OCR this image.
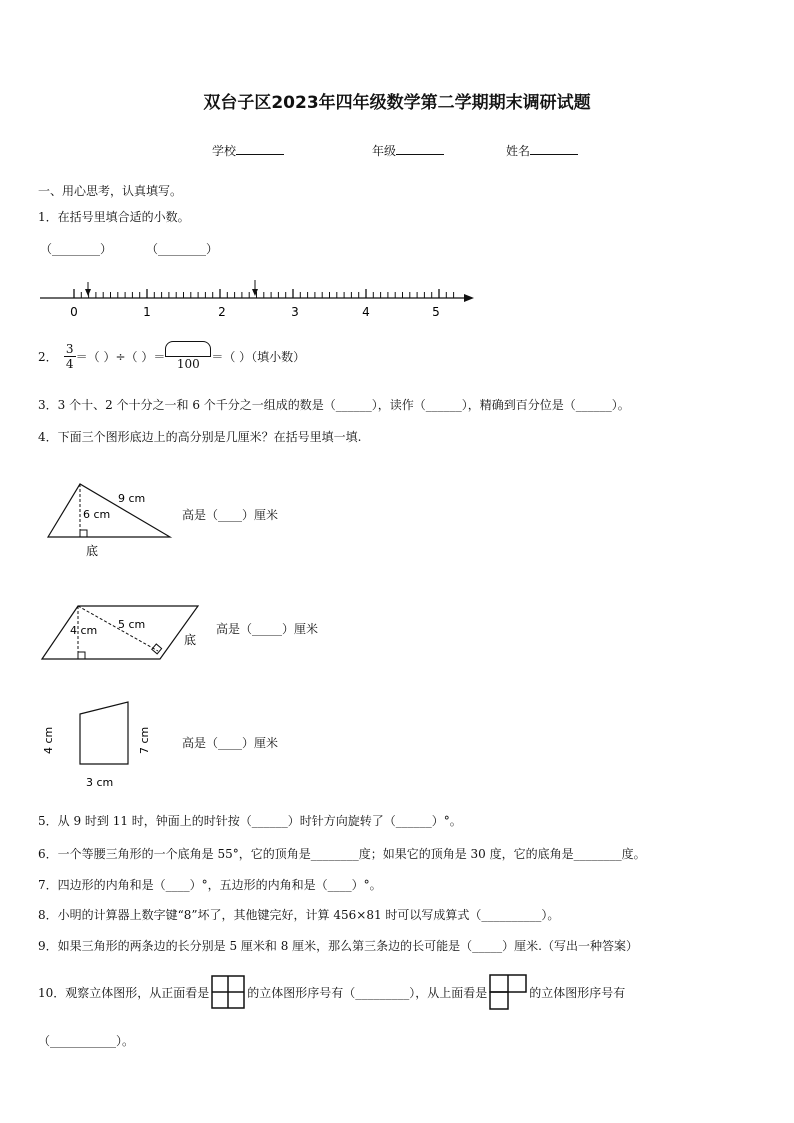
双台子区2023年四年级数学第二学期期末调研试题
学校	年级	姓名
一、用心思考，认真填写。
1．在括号里填合适的小数。
（________）	（________）
0	1	2	3	4	5
2． $\frac{3}{4}$ ＝（ ）÷（ ）＝
100
＝（ ）（填小数）
3．3 个十、2 个十分之一和 6 个千分之一组成的数是（______），读作（______），精确到百分位是（______）。
4．下面三个图形底边上的高分别是几厘米？在括号里填一填.
9 cm
6 cm
底
高是（____）厘米
5 cm
4 cm
底
高是（_____）厘米
4 cm	7 cm
3 cm
高是（____）厘米
5．从 9 时到 11 时，钟面上的时针按（______）时针方向旋转了（______）°。
6．一个等腰三角形的一个底角是 55°，它的顶角是________度；如果它的顶角是 30 度，它的底角是________度。
7．四边形的内角和是（____）°，五边形的内角和是（____）°。
8．小明的计算器上数字键“8”坏了，其他键完好，计算 456×81 时可以写成算式（__________）。
9．如果三角形的两条边的长分别是 5 厘米和 8 厘米，那么第三条边的长可能是（_____）厘米.（写出一种答案）
10．观察立体图形，从正面看是	的立体图形序号有（_________），从上面看是	的立体图形序号有
（___________）。
